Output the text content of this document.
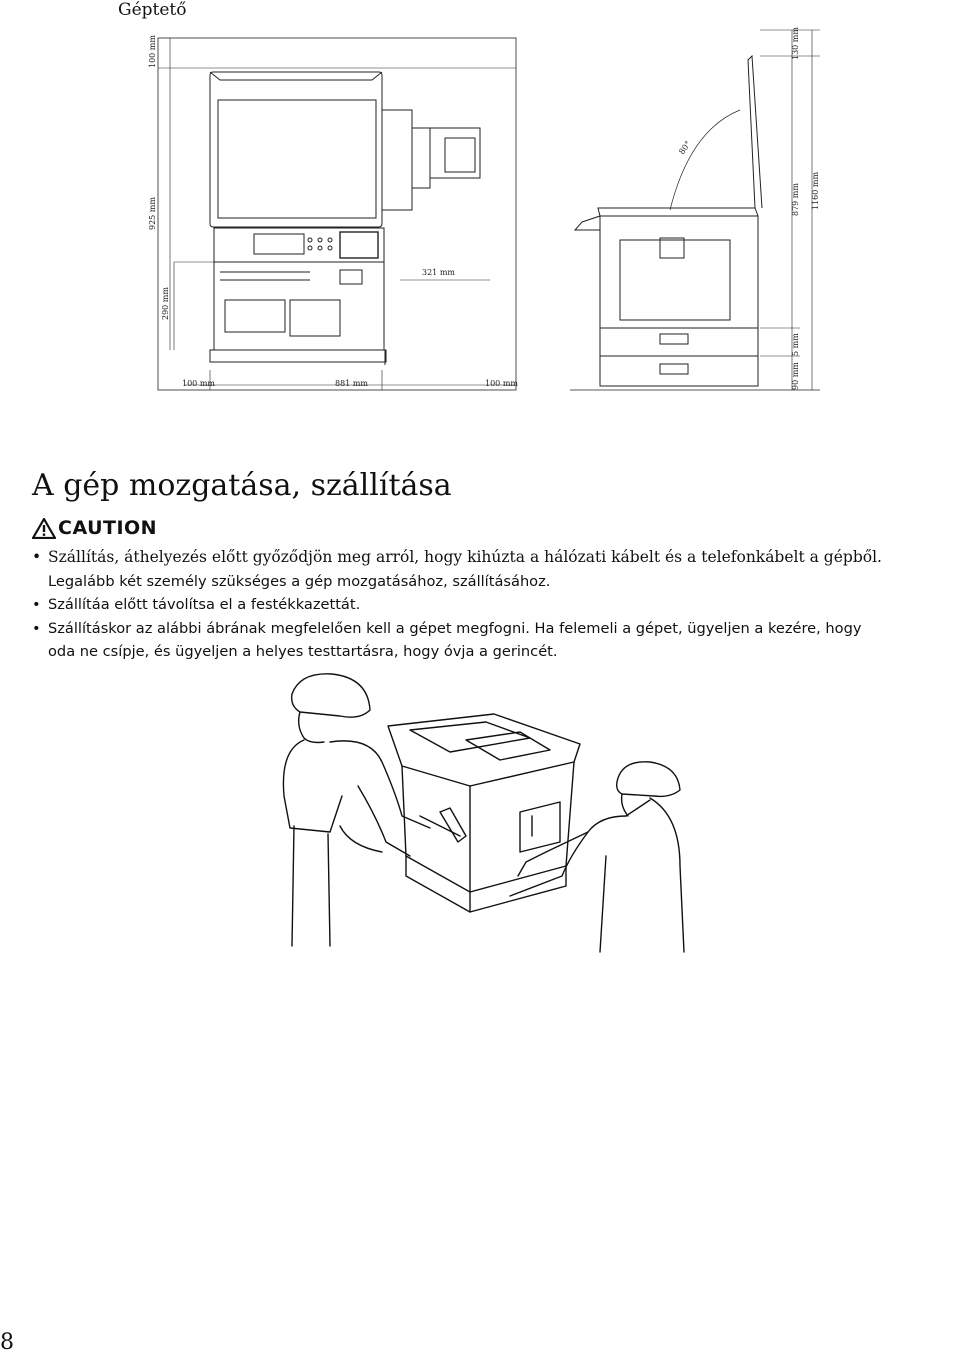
Géptető
100 mm
925 mm
290 mm
321 mm
100 mm	881 mm	100 mm
80°
130 mm
1160 mm
879 mm
5 mm
90 mm
A gép mozgatása, szállítása
CAUTION
• Szállítás, áthelyezés előtt győződjön meg arról, hogy kihúzta a hálózati kábelt és a telefonkábelt a gépből.
Legalább két személy szükséges a gép mozgatásához, szállításához.
• Szállítáa előtt távolítsa el a festékkazettát.
• Szállításkor az alábbi ábrának megfelelően kell a gépet megfogni. Ha felemeli a gépet, ügyeljen a kezére, hogy
oda ne csípje, és ügyeljen a helyes testtartásra, hogy óvja a gerincét.
8
